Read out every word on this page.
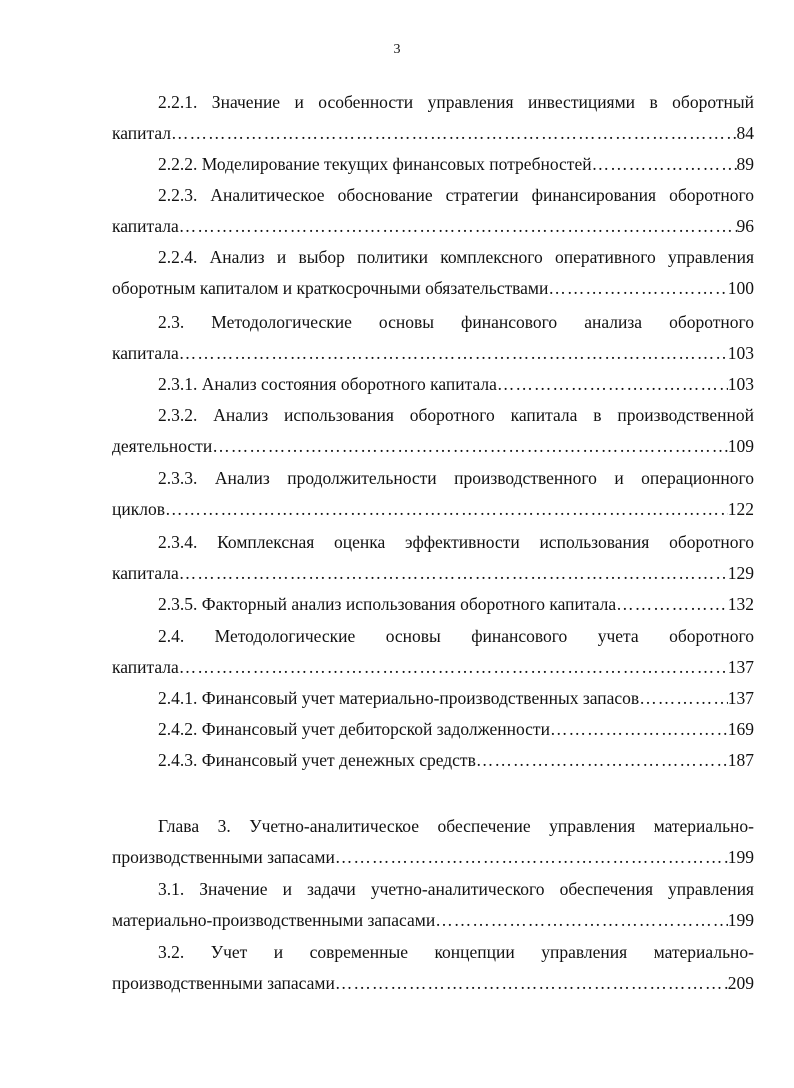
3
2.2.1. Значение и особенности управления инвестициями в оборотный
капитал ……………………………………………………………………………………………………………………………………………………………………………………	84
2.2.2. Моделирование текущих финансовых потребностей ……………………………………………………………………………………………………………………………………………………………………………………	89
2.2.3. Аналитическое обоснование стратегии финансирования оборотного
капитала ……………………………………………………………………………………………………………………………………………………………………………………	96
2.2.4. Анализ и выбор политики комплексного оперативного управления
оборотным капиталом и краткосрочными обязательствами ……………………………………………………………………………………………………………………………………………………………………………………	100
2.3. Методологические основы финансового анализа оборотного
капитала ……………………………………………………………………………………………………………………………………………………………………………………	103
2.3.1. Анализ состояния оборотного капитала ……………………………………………………………………………………………………………………………………………………………………………………	103
2.3.2. Анализ использования оборотного капитала в производственной
деятельности ……………………………………………………………………………………………………………………………………………………………………………………	109
2.3.3. Анализ продолжительности производственного и операционного
циклов ……………………………………………………………………………………………………………………………………………………………………………………	122
2.3.4. Комплексная оценка эффективности использования оборотного
капитала ……………………………………………………………………………………………………………………………………………………………………………………	129
2.3.5. Факторный анализ использования оборотного капитала ……………………………………………………………………………………………………………………………………………………………………………………	132
2.4. Методологические основы финансового учета оборотного
капитала ……………………………………………………………………………………………………………………………………………………………………………………	137
2.4.1. Финансовый учет материально-производственных запасов ……………………………………………………………………………………………………………………………………………………………………………………	137
2.4.2. Финансовый учет дебиторской задолженности ……………………………………………………………………………………………………………………………………………………………………………………	169
2.4.3. Финансовый учет денежных средств ……………………………………………………………………………………………………………………………………………………………………………………	187
Глава 3. Учетно-аналитическое обеспечение управления материально-
производственными запасами ……………………………………………………………………………………………………………………………………………………………………………………	199
3.1. Значение и задачи учетно-аналитического обеспечения управления
материально-производственными запасами ……………………………………………………………………………………………………………………………………………………………………………………	199
3.2. Учет и современные концепции управления материально-
производственными запасами ……………………………………………………………………………………………………………………………………………………………………………………	209
